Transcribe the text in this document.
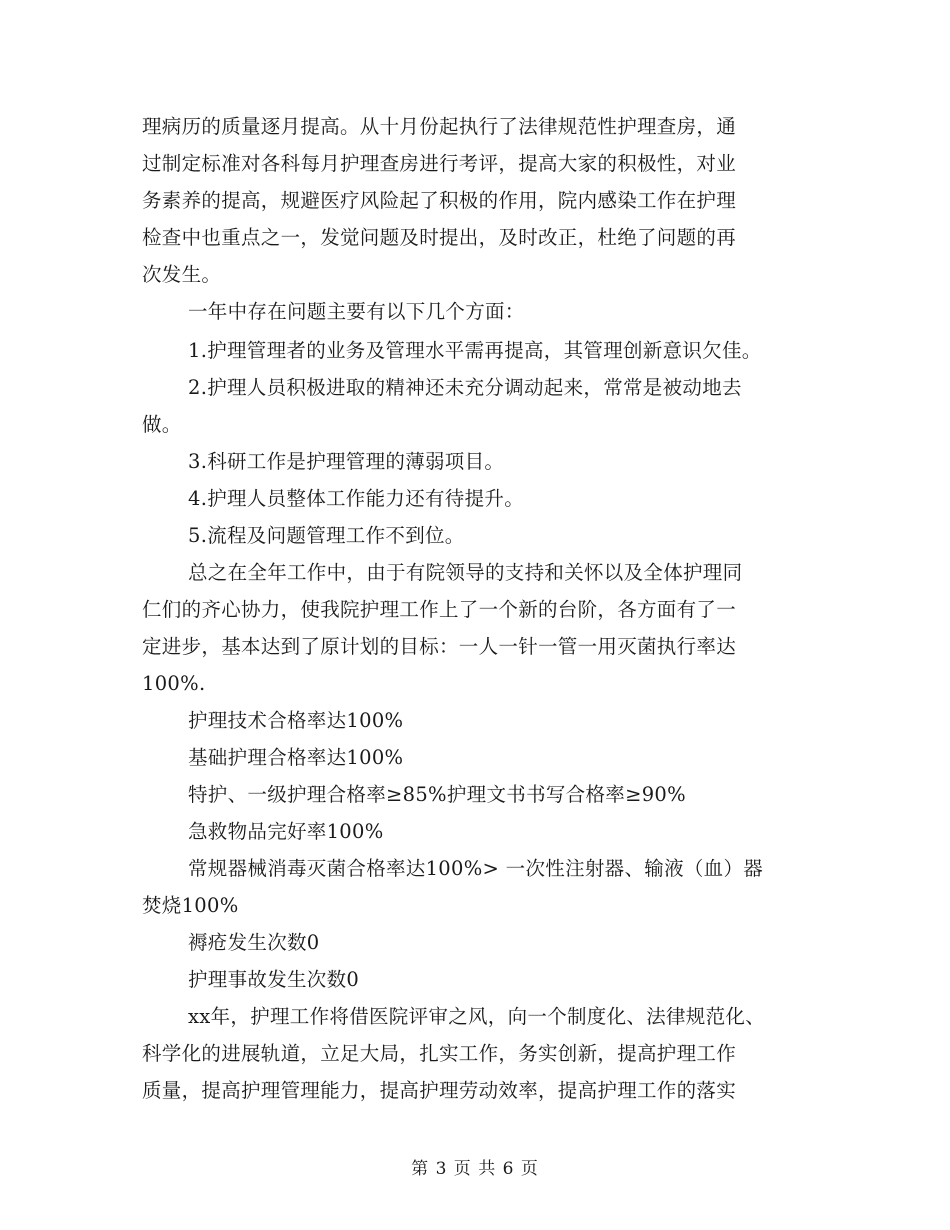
理病历的质量逐月提高。从十月份起执行了法律规范性护理查房，通
过制定标准对各科每月护理查房进行考评，提高大家的积极性，对业
务素养的提高，规避医疗风险起了积极的作用，院内感染工作在护理
检查中也重点之一，发觉问题及时提出，及时改正，杜绝了问题的再
次发生。
一年中存在问题主要有以下几个方面：
1.护理管理者的业务及管理水平需再提高，其管理创新意识欠佳。
2.护理人员积极进取的精神还未充分调动起来，常常是被动地去
做。
3.科研工作是护理管理的薄弱项目。
4.护理人员整体工作能力还有待提升。
5.流程及问题管理工作不到位。
总之在全年工作中，由于有院领导的支持和关怀以及全体护理同
仁们的齐心协力，使我院护理工作上了一个新的台阶，各方面有了一
定进步，基本达到了原计划的目标：一人一针一管一用灭菌执行率达
100%.
护理技术合格率达100%
基础护理合格率达100%
特护、一级护理合格率≥85%护理文书书写合格率≥90%
急救物品完好率100%
常规器械消毒灭菌合格率达100%> 一次性注射器、输液（血）器
焚烧100%
褥疮发生次数0
护理事故发生次数0
xx年，护理工作将借医院评审之风，向一个制度化、法律规范化、
科学化的进展轨道，立足大局，扎实工作，务实创新，提高护理工作
质量，提高护理管理能力，提高护理劳动效率，提高护理工作的落实
第 3 页 共 6 页
